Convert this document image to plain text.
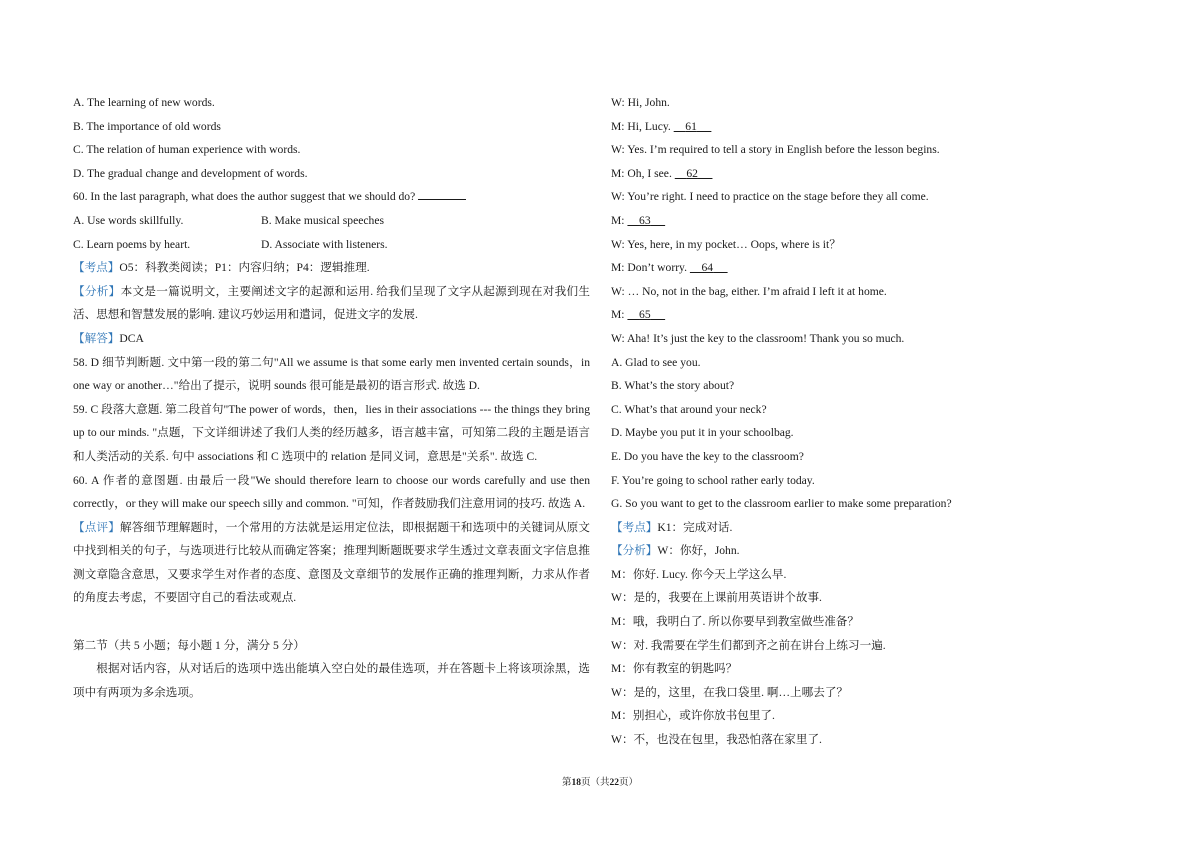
A. The learning of new words.
B. The importance of old words
C. The relation of human experience with words.
D. The gradual change and development of words.
60. In the last paragraph, what does the author suggest that we should do?
A. Use words skillfully.	B. Make musical speeches
C. Learn poems by heart.	D. Associate with listeners.
【考点】O5：科教类阅读；P1：内容归纳；P4：逻辑推理.
【分析】本文是一篇说明文，主要阐述文字的起源和运用. 给我们呈现了文字从起源到现在对我们生活、思想和智慧发展的影响. 建议巧妙运用和遣词，促进文字的发展.
【解答】DCA
58. D 细节判断题. 文中第一段的第二句"All we assume is that some early men invented certain sounds，in one way or another…"给出了提示，说明 sounds 很可能是最初的语言形式. 故选 D.
59. C 段落大意题. 第二段首句"The power of words，then，lies in their associations --- the things they bring up to our minds. "点题，下文详细讲述了我们人类的经历越多，语言越丰富，可知第二段的主题是语言和人类活动的关系. 句中 associations 和 C 选项中的 relation 是同义词，意思是"关系". 故选 C.
60. A 作者的意图题. 由最后一段"We should therefore learn to choose our words carefully and use then correctly，or they will make our speech silly and common. "可知，作者鼓励我们注意用词的技巧. 故选 A.
【点评】解答细节理解题时，一个常用的方法就是运用定位法，即根据题干和选项中的关键词从原文中找到相关的句子，与选项进行比较从而确定答案；推理判断题既要求学生透过文章表面文字信息推测文章隐含意思，又要求学生对作者的态度、意图及文章细节的发展作正确的推理判断，力求从作者的角度去考虑，不要固守自己的看法或观点.
第二节（共 5 小题；每小题 1 分，满分 5 分）
根据对话内容，从对话后的选项中选出能填入空白处的最佳选项，并在答题卡上将该项涂黑，选项中有两项为多余选项。
W: Hi, John.
M: Hi, Lucy.     61
W: Yes. I’m required to tell a story in English before the lesson begins.
M: Oh, I see.     62
W: You’re right. I need to practice on the stage before they all come.
M:     63
W: Yes, here, in my pocket… Oops, where is it？
M: Don’t worry.     64
W: … No, not in the bag, either. I’m afraid I left it at home.
M:     65
W: Aha! It’s just the key to the classroom! Thank you so much.
A. Glad to see you.
B. What’s the story about?
C. What’s that around your neck?
D. Maybe you put it in your schoolbag.
E. Do you have the key to the classroom?
F. You’re going to school rather early today.
G. So you want to get to the classroom earlier to make some preparation?
【考点】K1：完成对话.
【分析】W：你好，John.
M：你好. Lucy. 你今天上学这么早.
W：是的，我要在上课前用英语讲个故事.
M：哦，我明白了. 所以你要早到教室做些准备？
W：对. 我需要在学生们都到齐之前在讲台上练习一遍.
M：你有教室的钥匙吗？
W：是的，这里，在我口袋里. 啊…上哪去了？
M：别担心，或许你放书包里了.
W：不，也没在包里，我恐怕落在家里了.
第18页（共22页）
